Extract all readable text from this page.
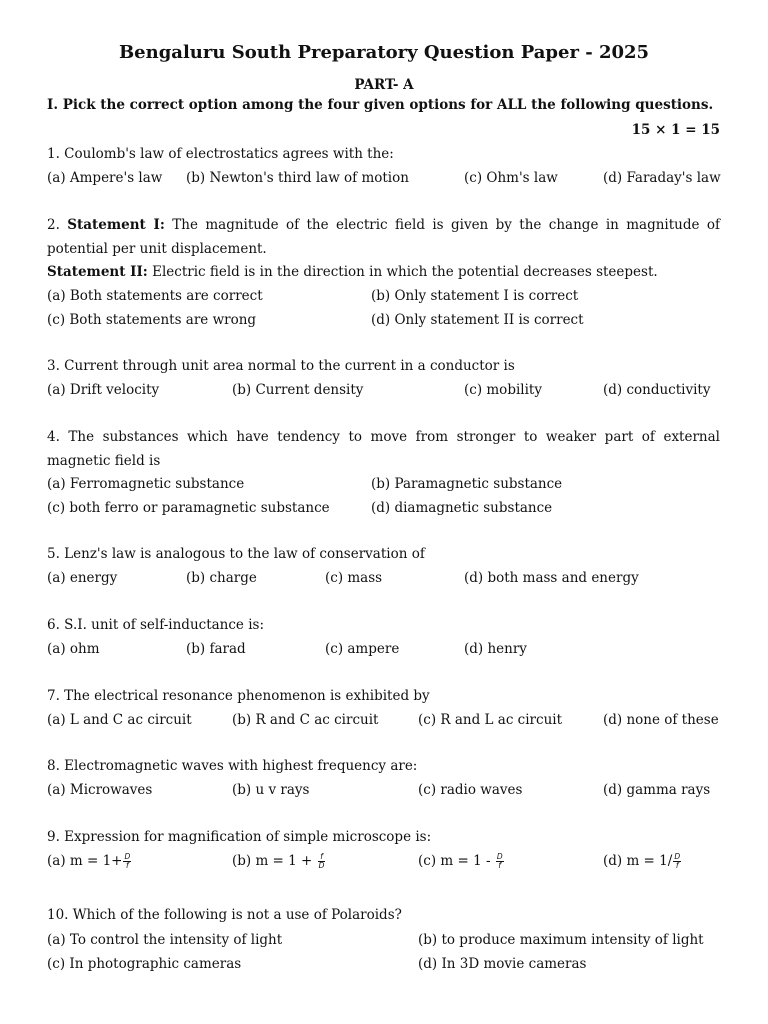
Bengaluru South Preparatory Question Paper - 2025
PART- A
I. Pick the correct option among the four given options for ALL the following questions.
15 × 1 = 15
1. Coulomb's law of electrostatics agrees with the:
(a) Ampere's law (b) Newton's third law of motion	(c) Ohm's law	(d) Faraday's law
2. Statement I: The magnitude of the electric field is given by the change in magnitude of
potential per unit displacement.
Statement II: Electric field is in the direction in which the potential decreases steepest.
(a) Both statements are correct	(b) Only statement I is correct
(c) Both statements are wrong	(d) Only statement II is correct
3. Current through unit area normal to the current in a conductor is
(a) Drift velocity	(b) Current density	(c) mobility	(d) conductivity
4. The substances which have tendency to move from stronger to weaker part of external
magnetic field is
(a) Ferromagnetic substance	(b) Paramagnetic substance
(c) both ferro or paramagnetic substance	(d) diamagnetic substance
5. Lenz's law is analogous to the law of conservation of
(a) energy	(b) charge	(c) mass	(d) both mass and energy
6. S.I. unit of self-inductance is:
(a) ohm	(b) farad	(c) ampere	(d) henry
7. The electrical resonance phenomenon is exhibited by
(a) L and C ac circuit	(b) R and C ac circuit	(c) R and L ac circuit	(d) none of these
8. Electromagnetic waves with highest frequency are:
(a) Microwaves	(b) u v rays	(c) radio waves	(d) gamma rays
9. Expression for magnification of simple microscope is:
(a) $m = 1+ \frac{D}{f}$	(b) $m = 1 + \frac{f}{D}$	(c) $m = 1 - \frac{D}{f}$	(d) $m = 1/ \frac{D}{f}$
10. Which of the following is not a use of Polaroids?
(a) To control the intensity of light	(b) to produce maximum intensity of light
(c) In photographic cameras	(d) In 3D movie cameras
